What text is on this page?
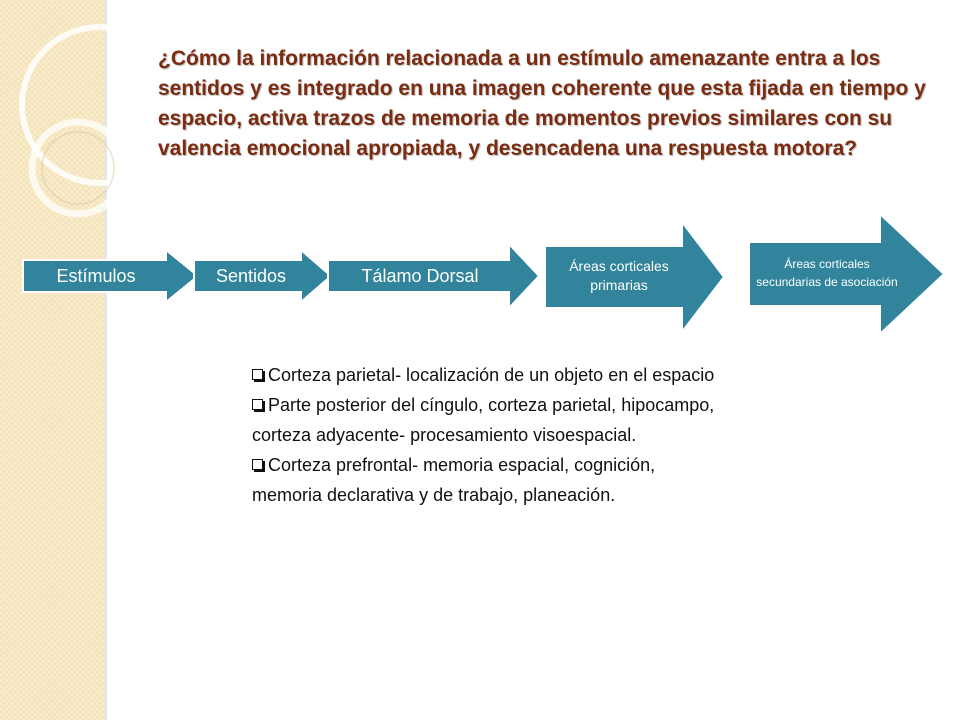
¿Cómo la información relacionada a un estímulo amenazante entra a los sentidos y es integrado en una imagen coherente que esta fijada en tiempo y espacio, activa trazos de memoria de momentos previos similares con su valencia emocional apropiada, y desencadena una respuesta motora?
Estímulos	Sentidos	Tálamo Dorsal	Áreas corticales primarias
Áreas corticales secundarias de asociación

Corteza parietal- localización de un objeto en el espacio

Parte posterior del cíngulo, corteza parietal, hipocampo, corteza adyacente- procesamiento visoespacial.

Corteza prefrontal- memoria espacial, cognición, memoria declarativa y de trabajo, planeación.
